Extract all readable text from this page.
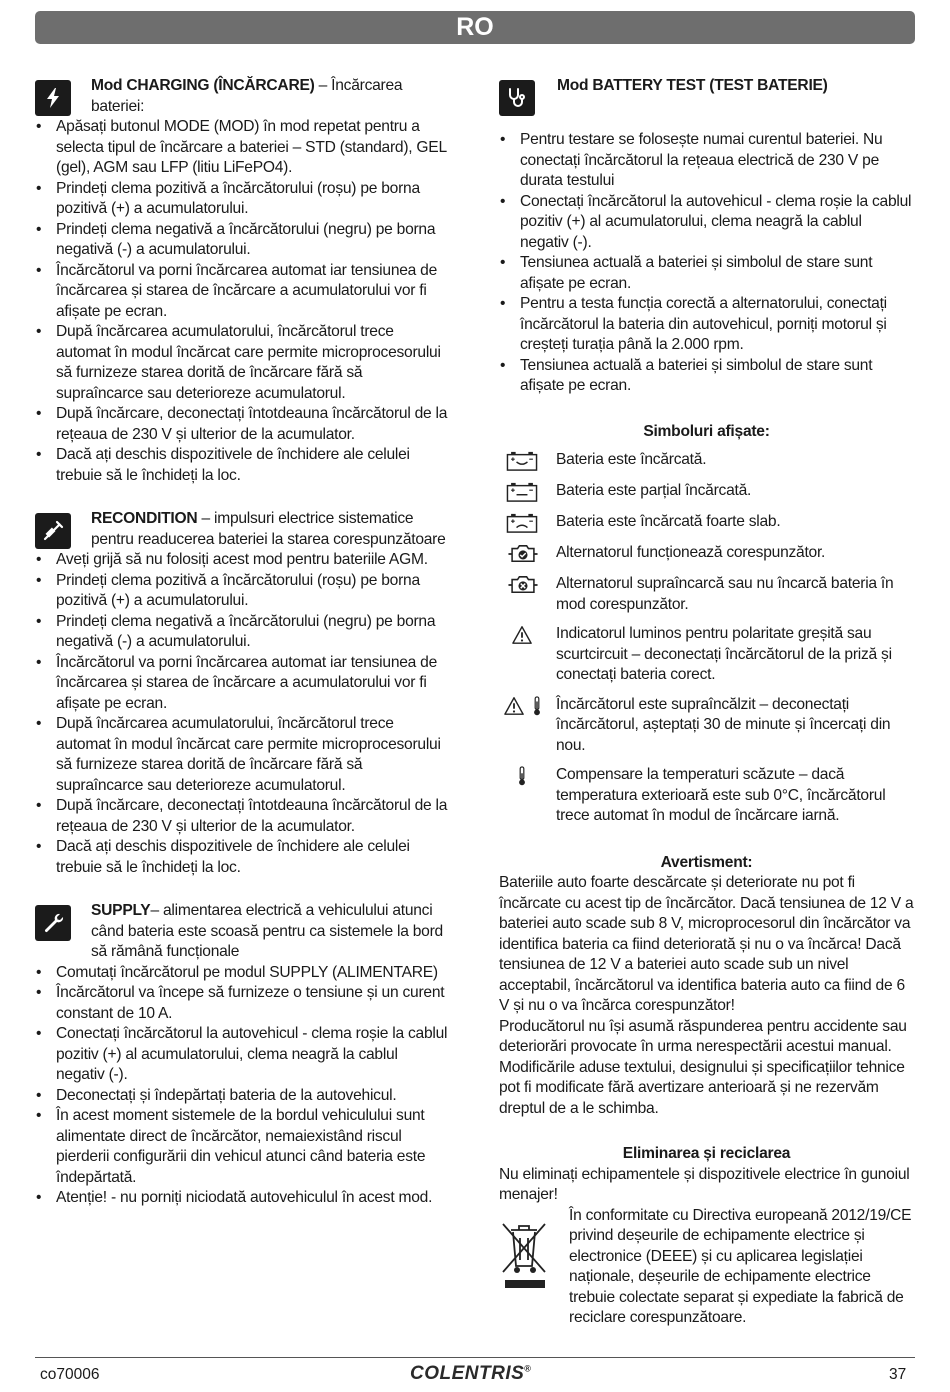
RO
Mod CHARGING (ÎNCĂRCARE) – Încărcarea bateriei:
• Apăsați butonul MODE (MOD) în mod repetat pentru a selecta tipul de încărcare a bateriei – STD (standard), GEL (gel), AGM sau LFP (litiu LiFePO4).
• Prindeți clema pozitivă a încărcătorului (roșu) pe borna pozitivă (+) a acumulatorului.
• Prindeți clema negativă a încărcătorului (negru) pe borna negativă (-) a acumulatorului.
• Încărcătorul va porni încărcarea automat iar tensiunea de încărcarea și starea de încărcare a acumulatorului vor fi afișate pe ecran.
• După încărcarea acumulatorului, încărcătorul trece automat în modul încărcat care permite microprocesorului să furnizeze starea dorită de încărcare fără să supraîncarce sau deterioreze acumulatorul.
• După încărcare, deconectați întotdeauna încărcătorul de la rețeaua de 230 V și ulterior de la acumulator.
• Dacă ați deschis dispozitivele de închidere ale celulei trebuie să le închideți la loc.
RECONDITION – impulsuri electrice sistematice pentru readucerea bateriei la starea corespunzătoare
• Aveți grijă să nu folosiți acest mod pentru bateriile AGM.
• Prindeți clema pozitivă a încărcătorului (roșu) pe borna pozitivă (+) a acumulatorului.
• Prindeți clema negativă a încărcătorului (negru) pe borna negativă (-) a acumulatorului.
• Încărcătorul va porni încărcarea automat iar tensiunea de încărcarea și starea de încărcare a acumulatorului vor fi afișate pe ecran.
• După încărcarea acumulatorului, încărcătorul trece automat în modul încărcat care permite microprocesorului să furnizeze starea dorită de încărcare fără să supraîncarce sau deterioreze acumulatorul.
• După încărcare, deconectați întotdeauna încărcătorul de la rețeaua de 230 V și ulterior de la acumulator.
• Dacă ați deschis dispozitivele de închidere ale celulei trebuie să le închideți la loc.
SUPPLY– alimentarea electrică a vehiculului atunci când bateria este scoasă pentru ca sistemele la bord să rămână funcționale
• Comutați încărcătorul pe modul SUPPLY (ALIMENTARE)
• Încărcătorul va începe să furnizeze o tensiune și un curent constant de 10 A.
• Conectați încărcătorul la autovehicul - clema roșie la cablul pozitiv (+) al acumulatorului, clema neagră la cablul negativ (-).
• Deconectați și îndepărtați bateria de la autovehicul.
• În acest moment sistemele de la bordul vehiculului sunt alimentate direct de încărcător, nemaiexistând riscul pierderii configurării din vehicul atunci când bateria este îndepărtată.
• Atenție! - nu porniți niciodată autovehiculul în acest mod.
Mod BATTERY TEST (TEST BATERIE)
• Pentru testare se folosește numai curentul bateriei. Nu conectați încărcătorul la rețeaua electrică de 230 V pe durata testului
• Conectați încărcătorul la autovehicul - clema roșie la cablul pozitiv (+) al acumulatorului, clema neagră la cablul negativ (-).
• Tensiunea actuală a bateriei și simbolul de stare sunt afișate pe ecran.
• Pentru a testa funcția corectă a alternatorului, conectați încărcătorul la bateria din autovehicul, porniți motorul și creșteți turația până la 2.000 rpm.
• Tensiunea actuală a bateriei și simbolul de stare sunt afișate pe ecran.
Simboluri afișate:
Bateria este încărcată.
Bateria este parțial încărcată.
Bateria este încărcată foarte slab.
Alternatorul funcționează corespunzător.
Alternatorul supraîncarcă sau nu încarcă bateria în mod corespunzător.
Indicatorul luminos pentru polaritate greșită sau scurtcircuit – deconectați încărcătorul de la priză și conectați bateria corect.
Încărcătorul este supraîncălzit – deconectați încărcătorul, așteptați 30 de minute și încercați din nou.
Compensare la temperaturi scăzute – dacă temperatura exterioară este sub 0°C, încărcătorul trece automat în modul de încărcare iarnă.
Avertisment:
Bateriile auto foarte descărcate și deteriorate nu pot fi încărcate cu acest tip de încărcător. Dacă tensiunea de 12 V a bateriei auto scade sub 8 V, microprocesorul din încărcător va identifica bateria ca fiind deteriorată și nu o va încărca! Dacă tensiunea de 12 V a bateriei auto scade sub un nivel acceptabil, încărcătorul va identifica bateria auto ca fiind de 6 V și nu o va încărca corespunzător!
Producătorul nu își asumă răspunderea pentru accidente sau deteriorări provocate în urma nerespectării acestui manual. Modificările aduse textului, designului și specificațiilor tehnice pot fi modificate fără avertizare anterioară și ne rezervăm dreptul de a le schimba.
Eliminarea și reciclarea
Nu eliminați echipamentele și dispozitivele electrice în gunoiul menajer!
În conformitate cu Directiva europeană 2012/19/CE privind deșeurile de echipamente electrice și electronice (DEEE) și cu aplicarea legislației naționale, deșeurile de echipamente electrice trebuie colectate separat și expediate la fabrică de reciclare corespunzătoare.
co70006	COLENTRIS®	37
